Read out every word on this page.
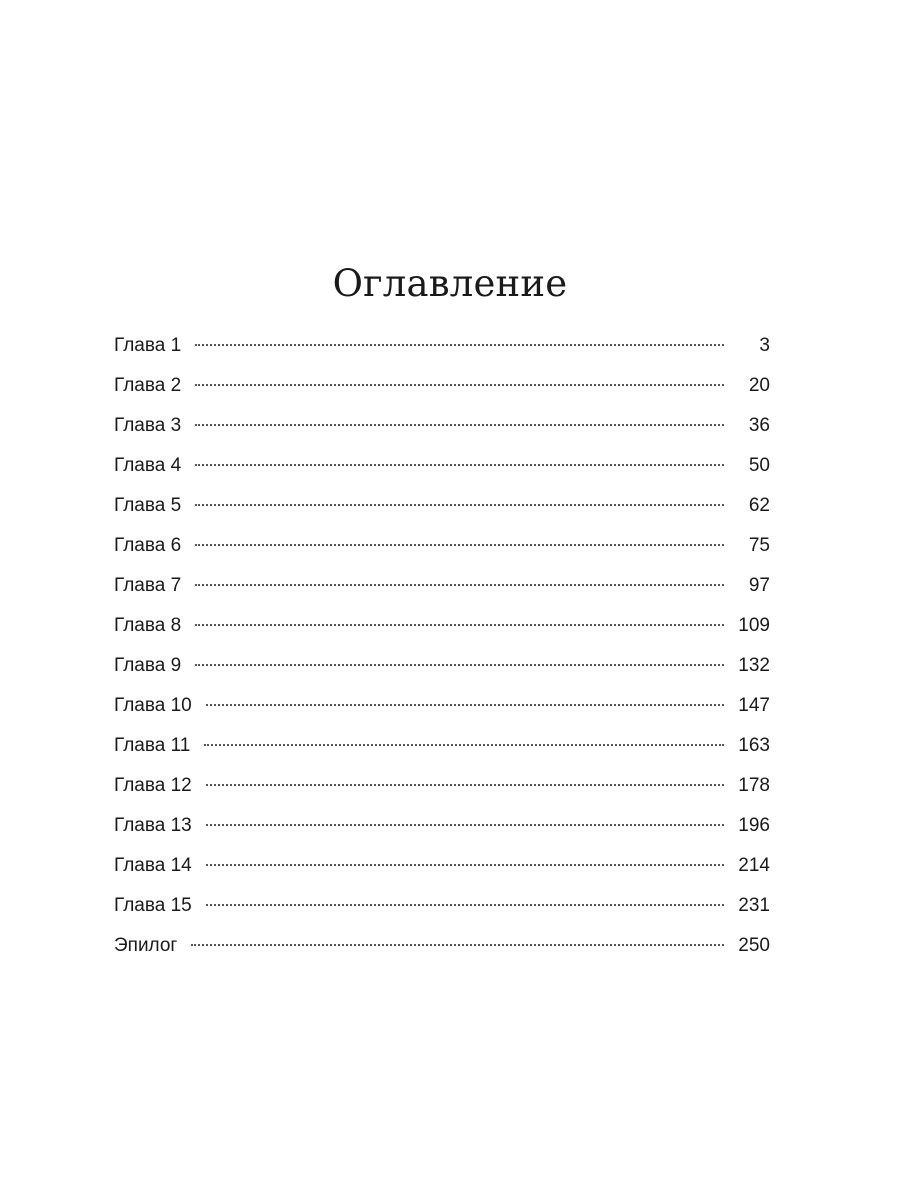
Оглавление
Глава 1	3
Глава 2	20
Глава 3	36
Глава 4	50
Глава 5	62
Глава 6	75
Глава 7	97
Глава 8	109
Глава 9	132
Глава 10	147
Глава 11	163
Глава 12	178
Глава 13	196
Глава 14	214
Глава 15	231
Эпилог	250
